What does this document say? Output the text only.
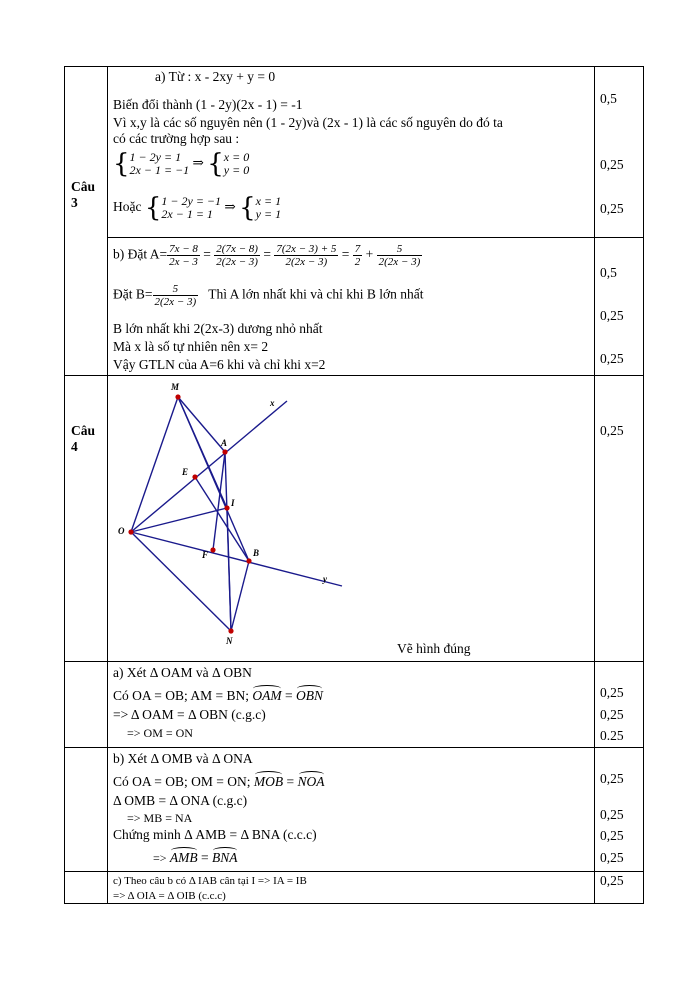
Câu
3
a) Từ : x - 2xy + y = 0
Biến đổi thành (1 - 2y)(2x - 1) = -1
Vì x,y là các số nguyên nên (1 - 2y)và (2x - 1) là các số nguyên do đó ta
có các trường hợp sau :
{1 − 2y = 1
2x − 1 = −1 ⇒ {x = 0
y = 0
Hoặc {1 − 2y = −1
2x − 1 = 1 ⇒ {x = 1
y = 1
0,5
0,25
0,25
b) Đặt $A= \frac{7x - 8}{2x - 3} = \frac{2(7x - 8)}{2(2x - 3)} = \frac{7(2x - 3) + 5}{2(2x - 3)} = \frac{7}{2} + \frac{5}{2(2x - 3)}$
Đặt $B= \frac{5}{2(2x - 3)}$ Thì A lớn nhất khi và chỉ khi B lớn nhất
B lớn nhất khi 2(2x-3) dương nhỏ nhất
Mà x là số tự nhiên nên x= 2
Vậy GTLN của A=6 khi và chỉ khi x=2
0,5
0,25
0,25
Câu
4
M
x
A
E
I
O
F	B
y
N	Vẽ hình đúng
0,25
a) Xét Δ OAM và Δ OBN
Có OA = OB; AM = BN; OAM = OBN
=> Δ OAM = Δ OBN (c.g.c)
=> OM = ON
0,25
0,25
0.25
b) Xét Δ OMB và Δ ONA
Có OA = OB; OM = ON; MOB = NOA
Δ OMB = Δ ONA (c.g.c)
=> MB = NA
Chứng minh Δ AMB = Δ BNA (c.c.c)
=> AMB = BNA
0,25
0,25
0,25
0,25
c) Theo câu b có Δ IAB cân tại I => IA = IB
=> Δ OIA = Δ OIB (c.c.c)
0,25
